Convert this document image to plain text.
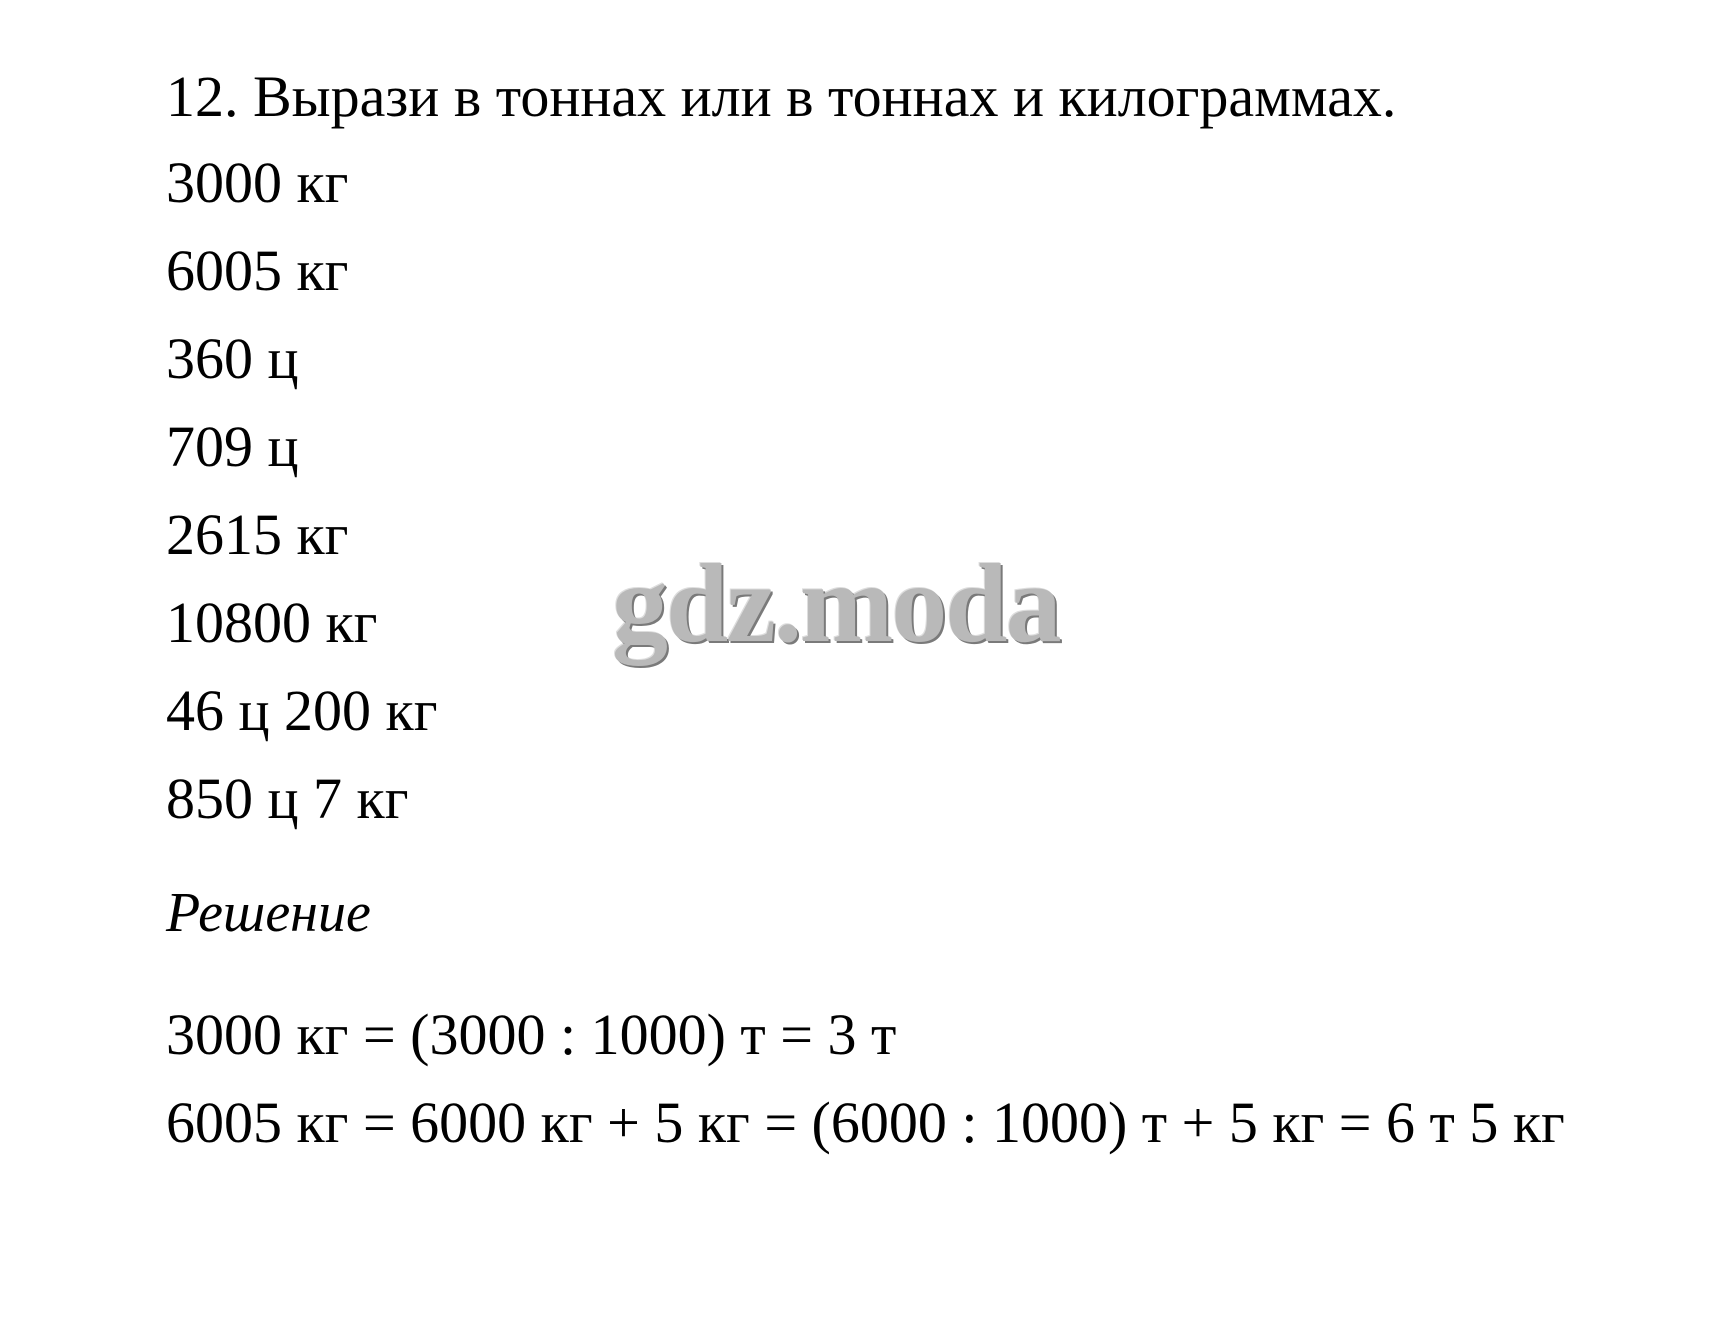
12. Вырази в тоннах или в тоннах и килограммах.

3000 кг

6005 кг

360 ц

709 ц

2615 кг

10800 кг

46 ц 200 кг

850 ц 7 кг

Решение

3000 кг = (3000 : 1000) т = 3 т

6005 кг = 6000 кг + 5 кг = (6000 : 1000) т + 5 кг = 6 т 5 кг

gdz.moda
